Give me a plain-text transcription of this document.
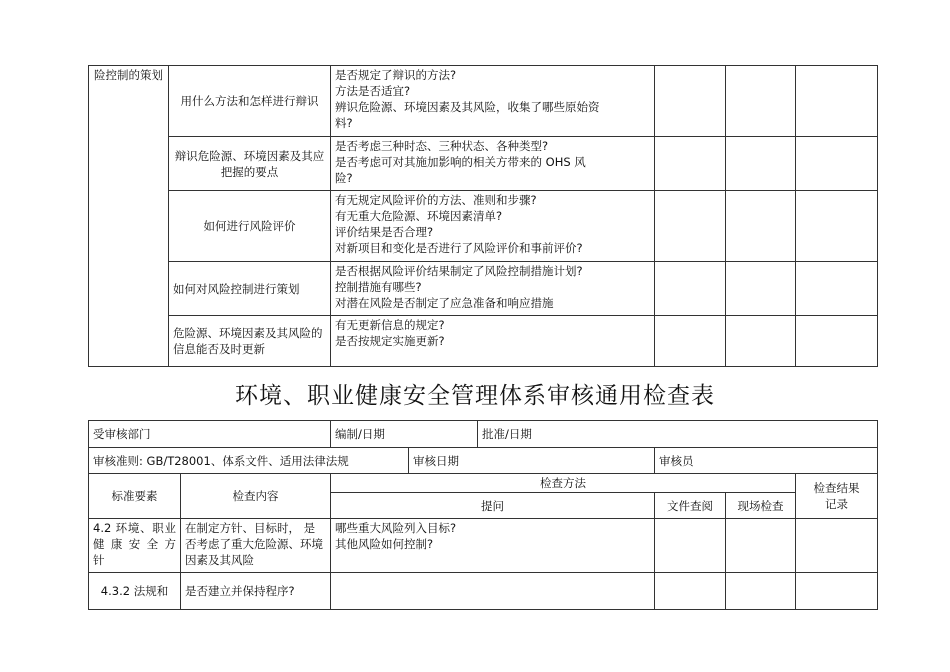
险控制的策划	用什么方法和怎样进行辩识	是否规定了辩识的方法?
方法是否适宜?
辨识危险源、环境因素及其风险，收集了哪些原始资
料?			

	辩识危险源、环境因素及其应把握的要点	是否考虑三种时态、三种状态、各种类型?
是否考虑可对其施加影响的相关方带来的 OHS 风
险?			

	如何进行风险评价	有无规定风险评价的方法、准则和步骤?
有无重大危险源、环境因素清单?
评价结果是否合理?
对新项目和变化是否进行了风险评价和事前评价?			

	如何对风险控制进行策划	是否根据风险评价结果制定了风险控制措施计划?
控制措施有哪些?
对潜在风险是否制定了应急准备和响应措施			

	危险源、环境因素及其风险的信息能否及时更新	有无更新信息的规定?
是否按规定实施更新?			

环境、职业健康安全管理体系审核通用检查表
受审核部门		编制/日期		批准/日期			
审核准则: GB/T28001、体系文件、适用法律法规			审核日期		审核员		
标准要素	检查内容	检查方法					检查结果记录

		提问			文件查阅	现场检查	

4.2 环境、职业 健 康 安 全 方针	在制定方针、目标时， 是否考虑了重大危险源、环境因素及其风险	哪些重大风险列入目标?
其他风险如何控制?					

4.3.2 法规和	是否建立并保持程序?						
